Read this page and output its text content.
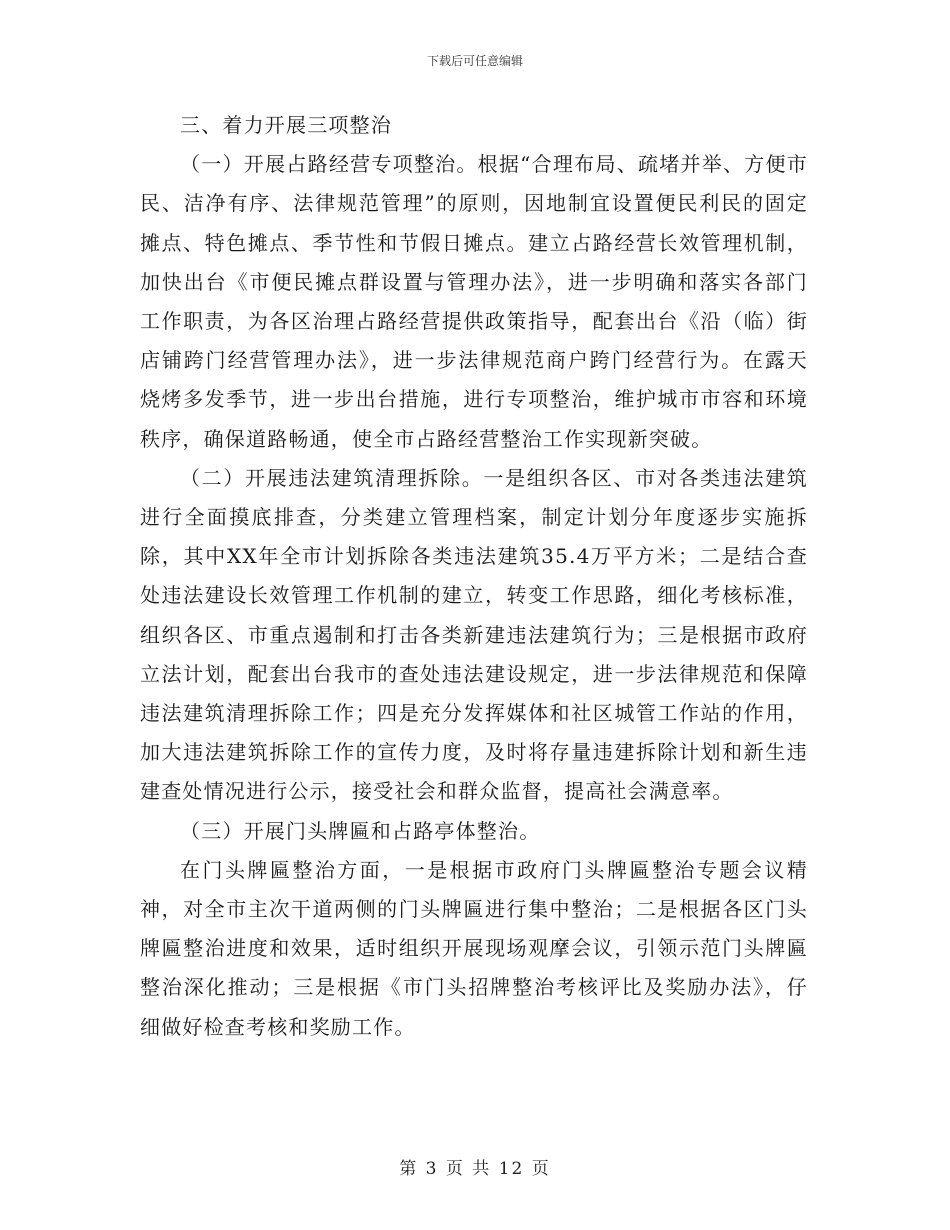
下载后可任意编辑

三、着力开展三项整治

（一）开展占路经营专项整治。根据“合理布局、疏堵并举、方便市民、洁净有序、法律规范管理”的原则，因地制宜设置便民利民的固定摊点、特色摊点、季节性和节假日摊点。建立占路经营长效管理机制，加快出台《市便民摊点群设置与管理办法》，进一步明确和落实各部门工作职责，为各区治理占路经营提供政策指导，配套出台《沿（临）街店铺跨门经营管理办法》，进一步法律规范商户跨门经营行为。在露天烧烤多发季节，进一步出台措施，进行专项整治，维护城市市容和环境秩序，确保道路畅通，使全市占路经营整治工作实现新突破。

（二）开展违法建筑清理拆除。一是组织各区、市对各类违法建筑进行全面摸底排查，分类建立管理档案，制定计划分年度逐步实施拆除，其中XX年全市计划拆除各类违法建筑35.4万平方米；二是结合查处违法建设长效管理工作机制的建立，转变工作思路，细化考核标准，组织各区、市重点遏制和打击各类新建违法建筑行为；三是根据市政府立法计划，配套出台我市的查处违法建设规定，进一步法律规范和保障违法建筑清理拆除工作；四是充分发挥媒体和社区城管工作站的作用，加大违法建筑拆除工作的宣传力度，及时将存量违建拆除计划和新生违建查处情况进行公示，接受社会和群众监督，提高社会满意率。

（三）开展门头牌匾和占路亭体整治。

在门头牌匾整治方面，一是根据市政府门头牌匾整治专题会议精神，对全市主次干道两侧的门头牌匾进行集中整治；二是根据各区门头牌匾整治进度和效果，适时组织开展现场观摩会议，引领示范门头牌匾整治深化推动；三是根据《市门头招牌整治考核评比及奖励办法》，仔细做好检查考核和奖励工作。

第 3 页 共 12 页
